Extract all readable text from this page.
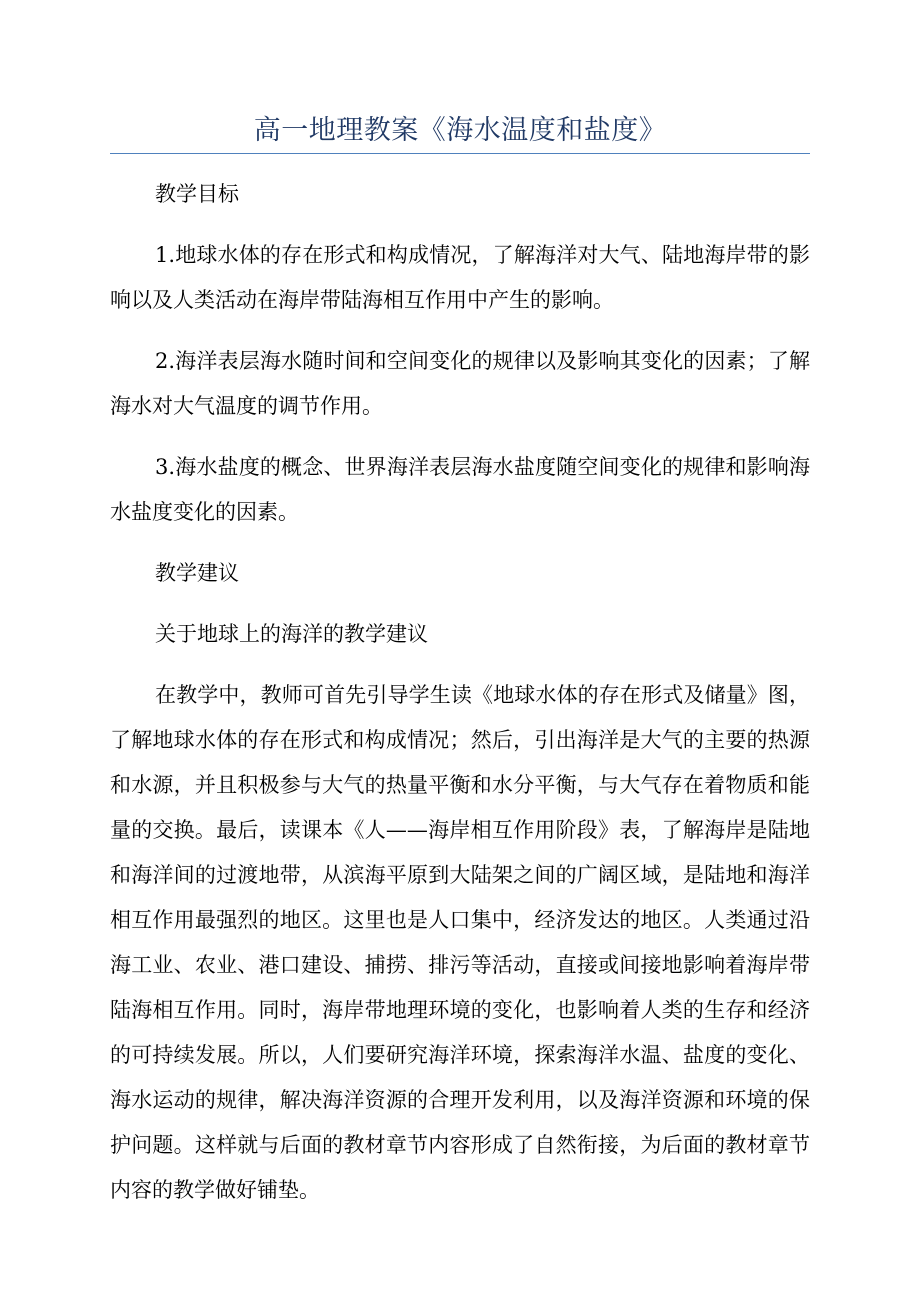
高一地理教案《海水温度和盐度》

教学目标

1.地球水体的存在形式和构成情况，了解海洋对大气、陆地海岸带的影响以及人类活动在海岸带陆海相互作用中产生的影响。

2.海洋表层海水随时间和空间变化的规律以及影响其变化的因素；了解海水对大气温度的调节作用。

3.海水盐度的概念、世界海洋表层海水盐度随空间变化的规律和影响海水盐度变化的因素。

教学建议

关于地球上的海洋的教学建议

在教学中，教师可首先引导学生读《地球水体的存在形式及储量》图，了解地球水体的存在形式和构成情况；然后，引出海洋是大气的主要的热源和水源，并且积极参与大气的热量平衡和水分平衡，与大气存在着物质和能量的交换。最后，读课本《人——海岸相互作用阶段》表，了解海岸是陆地和海洋间的过渡地带，从滨海平原到大陆架之间的广阔区域，是陆地和海洋相互作用最强烈的地区。这里也是人口集中，经济发达的地区。人类通过沿海工业、农业、港口建设、捕捞、排污等活动，直接或间接地影响着海岸带陆海相互作用。同时，海岸带地理环境的变化，也影响着人类的生存和经济的可持续发展。所以，人们要研究海洋环境，探索海洋水温、盐度的变化、海水运动的规律，解决海洋资源的合理开发利用，以及海洋资源和环境的保护问题。这样就与后面的教材章节内容形成了自然衔接，为后面的教材章节内容的教学做好铺垫。
